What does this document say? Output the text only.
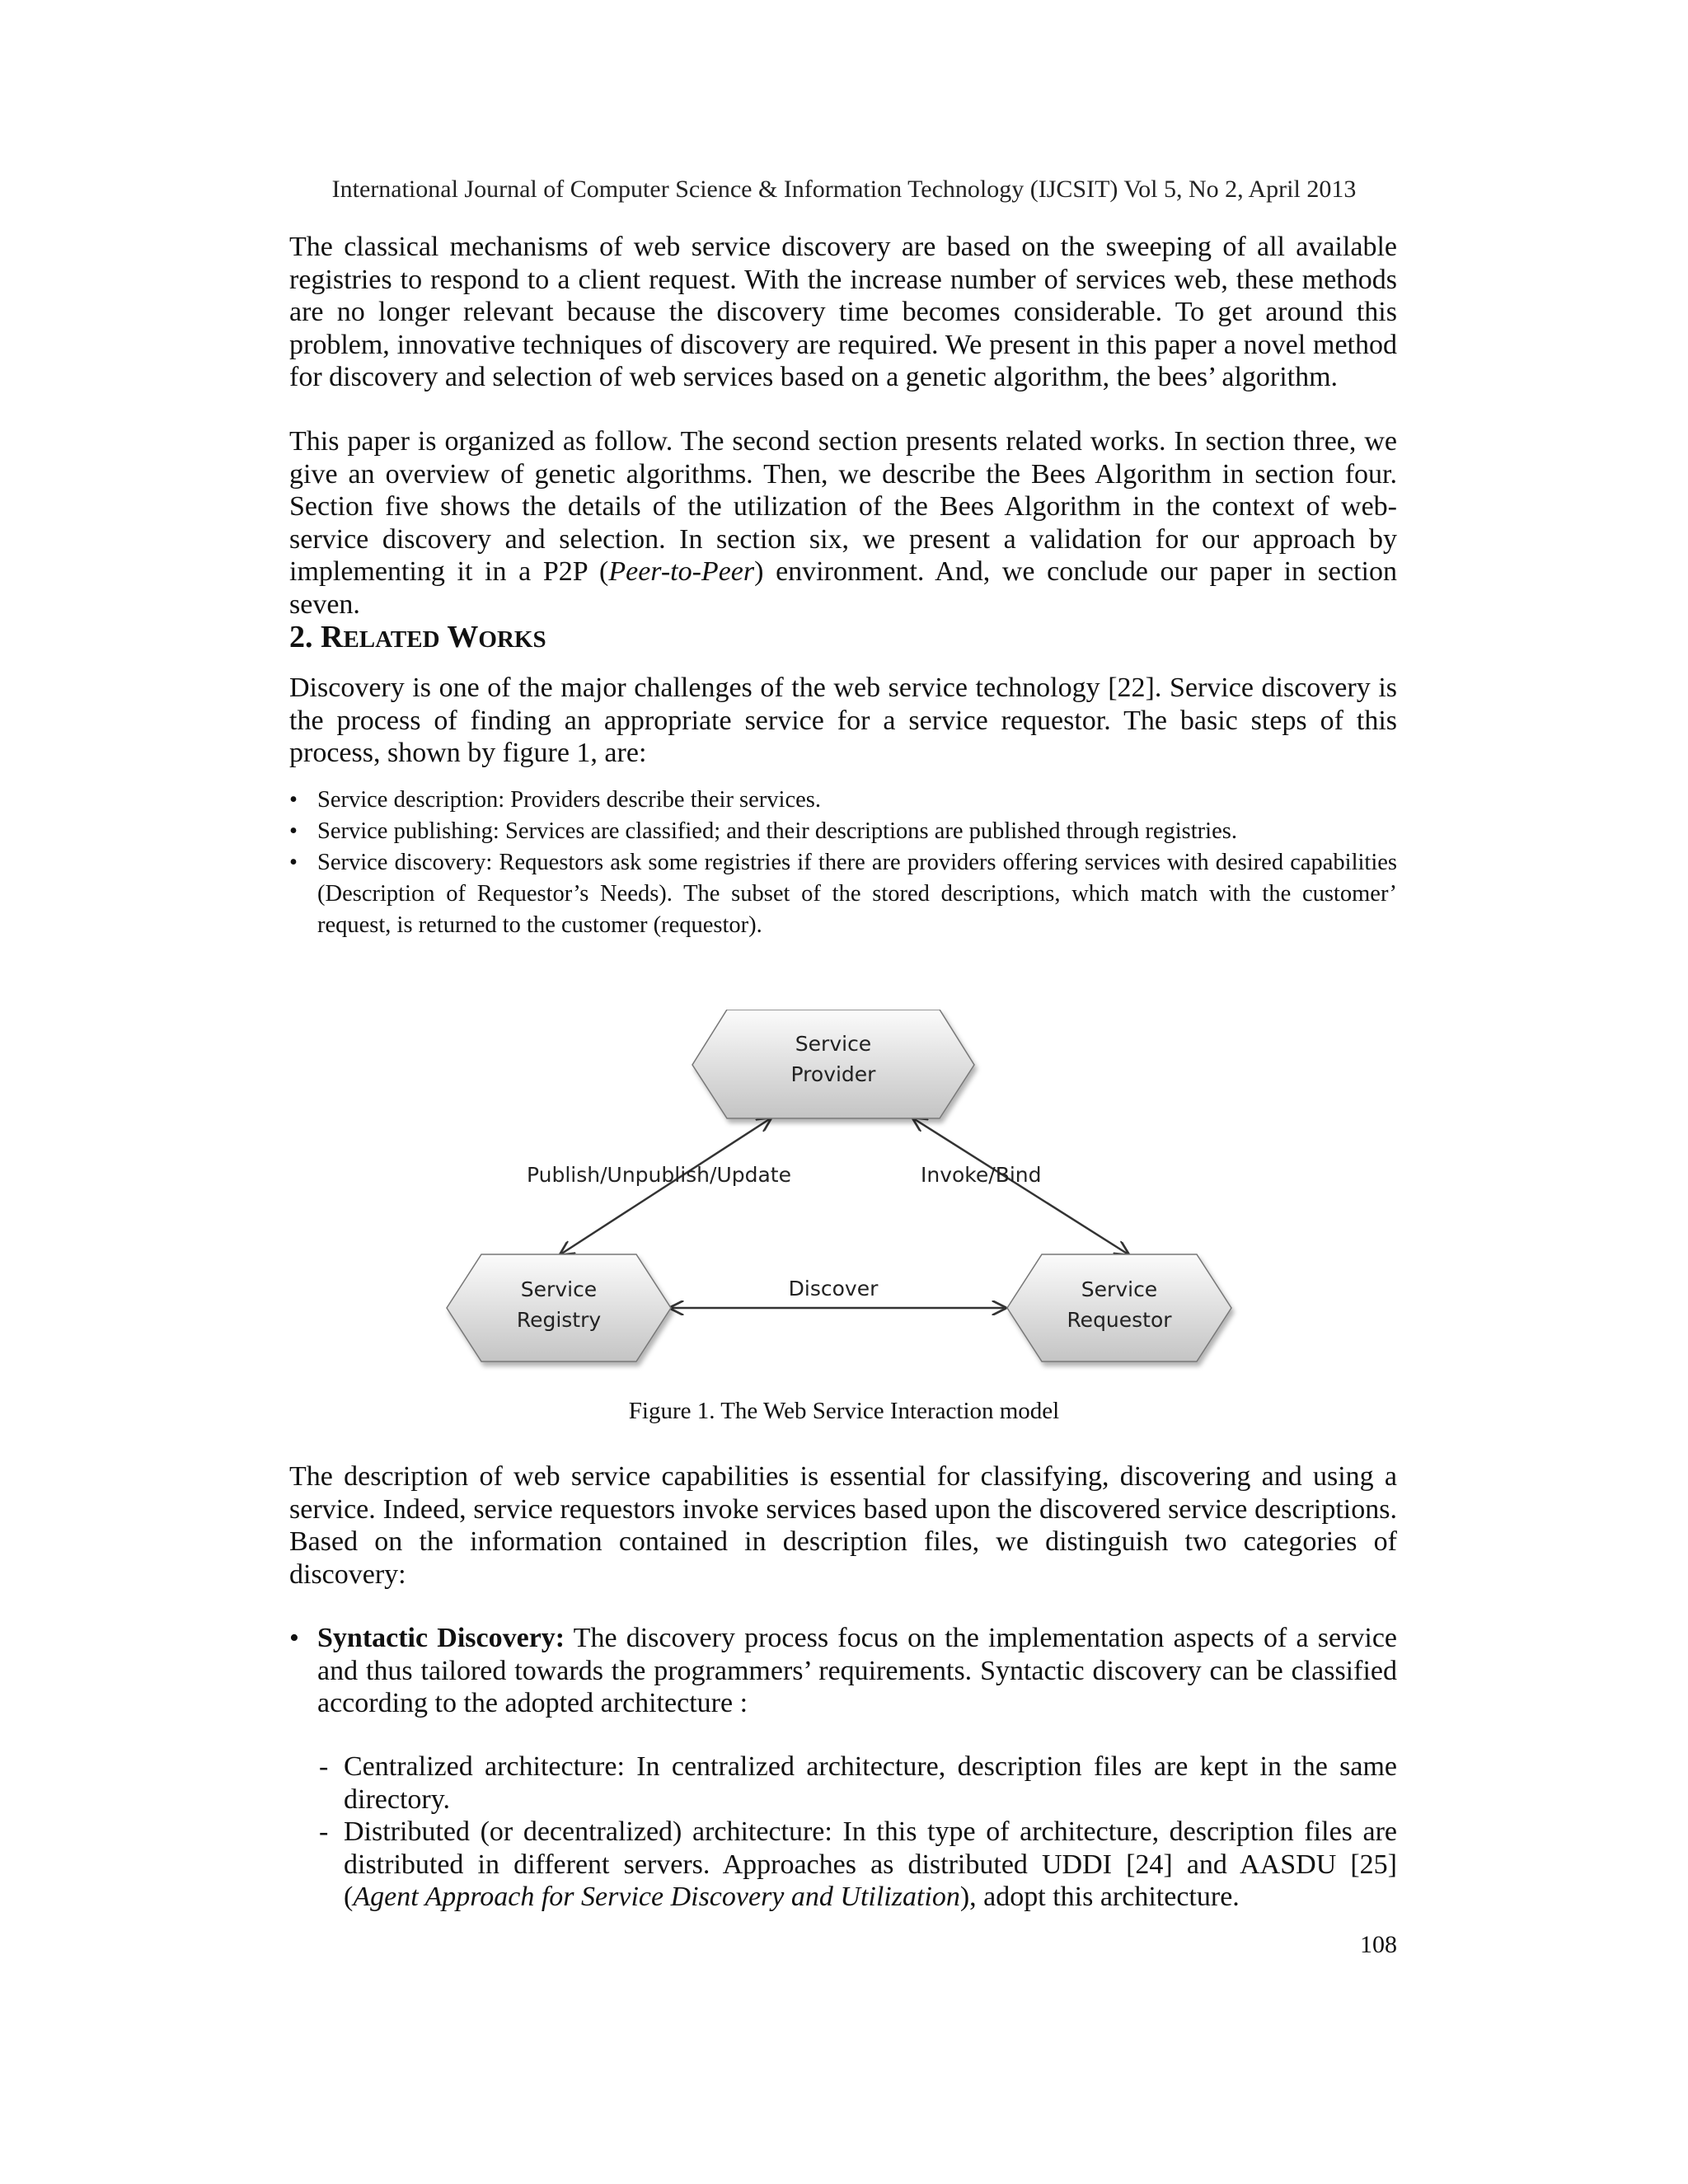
International Journal of Computer Science & Information Technology (IJCSIT) Vol 5, No 2, April 2013

The classical mechanisms of web service discovery are based on the sweeping of all available registries to respond to a client request. With the increase number of services web, these methods are no longer relevant because the discovery time becomes considerable. To get around this problem, innovative techniques of discovery are required. We present in this paper a novel method for discovery and selection of web services based on a genetic algorithm, the bees’ algorithm.

This paper is organized as follow. The second section presents related works. In section three, we give an overview of genetic algorithms. Then, we describe the Bees Algorithm in section four. Section five shows the details of the utilization of the Bees Algorithm in the context of web-service discovery and selection. In section six, we present a validation for our approach by implementing it in a P2P (Peer-to-Peer) environment. And, we conclude our paper in section seven.

2. RELATED WORKS

Discovery is one of the major challenges of the web service technology [22]. Service discovery is the process of finding an appropriate service for a service requestor. The basic steps of this process, shown by figure 1, are:

• Service description: Providers describe their services.
• Service publishing: Services are classified; and their descriptions are published through registries.
• Service discovery: Requestors ask some registries if there are providers offering services with desired capabilities (Description of Requestor’s Needs). The subset of the stored descriptions, which match with the customer’ request, is returned to the customer (requestor).
Service
Provider
Service
Registry
Service
Requestor
Publish/Unpublish/Update	Invoke/Bind
Discover
Figure 1. The Web Service Interaction model

The description of web service capabilities is essential for classifying, discovering and using a service. Indeed, service requestors invoke services based upon the discovered service descriptions. Based on the information contained in description files, we distinguish two categories of discovery:

• Syntactic Discovery: The discovery process focus on the implementation aspects of a service and thus tailored towards the programmers’ requirements. Syntactic discovery can be classified according to the adopted architecture :
- Centralized architecture: In centralized architecture, description files are kept in the same directory.
- Distributed (or decentralized) architecture: In this type of architecture, description files are distributed in different servers. Approaches as distributed UDDI [24] and AASDU [25] (Agent Approach for Service Discovery and Utilization), adopt this architecture.
108
